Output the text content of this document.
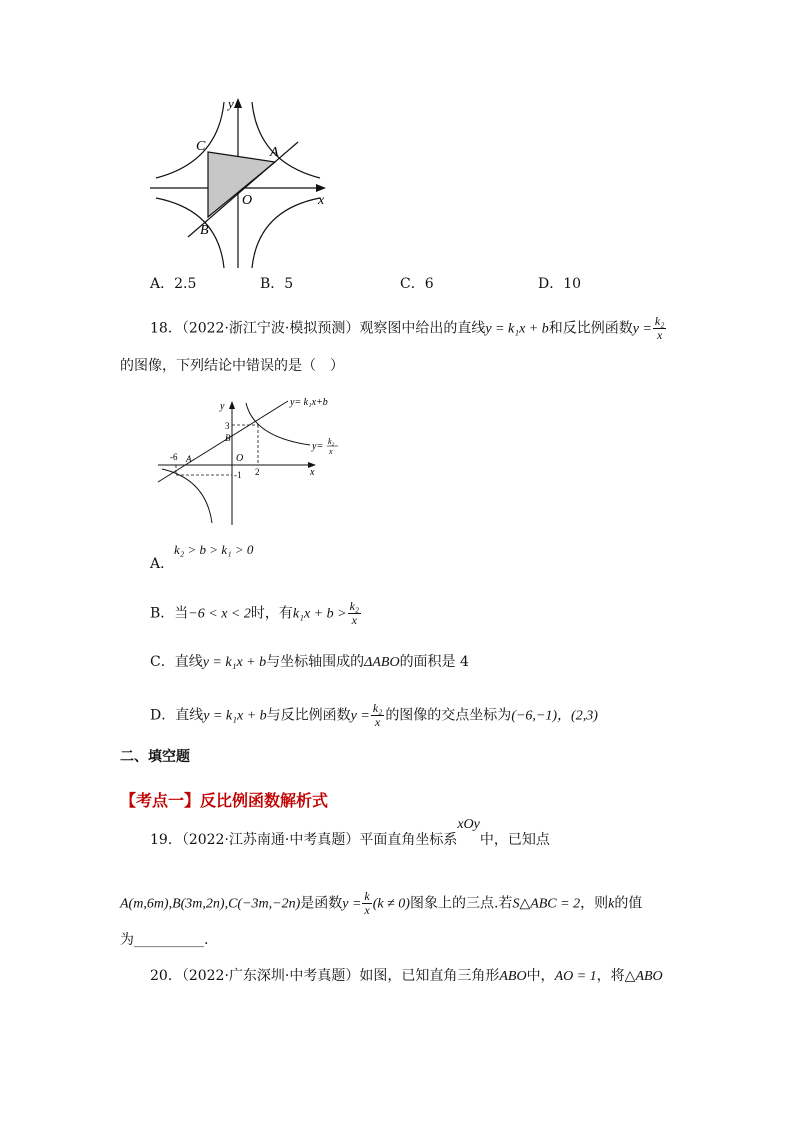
y
x
O
A
B
C
A．2.5	B．5	C．6	D．10
18．（2022·浙江宁波·模拟预测）观察图中给出的直线y = k₁x + b和反比例函数$y = \frac{\text{k₂}}{x}$
的图像，下列结论中错误的是（　）
y= k₁x+b
y= k₂
x
y
x
O
3
2
-6
-1
A
B
A．
k₂ > b > k₁ > 0
B．当−6 < x < 2时，有$k_1x + b > \frac{\text{k₂}}{x}$
C．直线y = k₁x + b与坐标轴围成的ΔABO的面积是 4
D．直线y = k₁x + b与反比例函数$y = \frac{\text{k₂}}{x}$ 的图像的交点坐标为(−6,−1)，(2,3)
二、填空题
【考点一】反比例函数解析式
19．（2022·江苏南通·中考真题）平面直角坐标系xOy中，已知点
A(m,6m),B(3m,2n),C(−3m,−2n)是函数$y = \frac{k}{x} (k \ne 0)$图象上的三点.若S△ABC = 2，则k的值
为__________.
20．（2022·广东深圳·中考真题）如图，已知直角三角形ABO中，AO = 1，将△ABO
